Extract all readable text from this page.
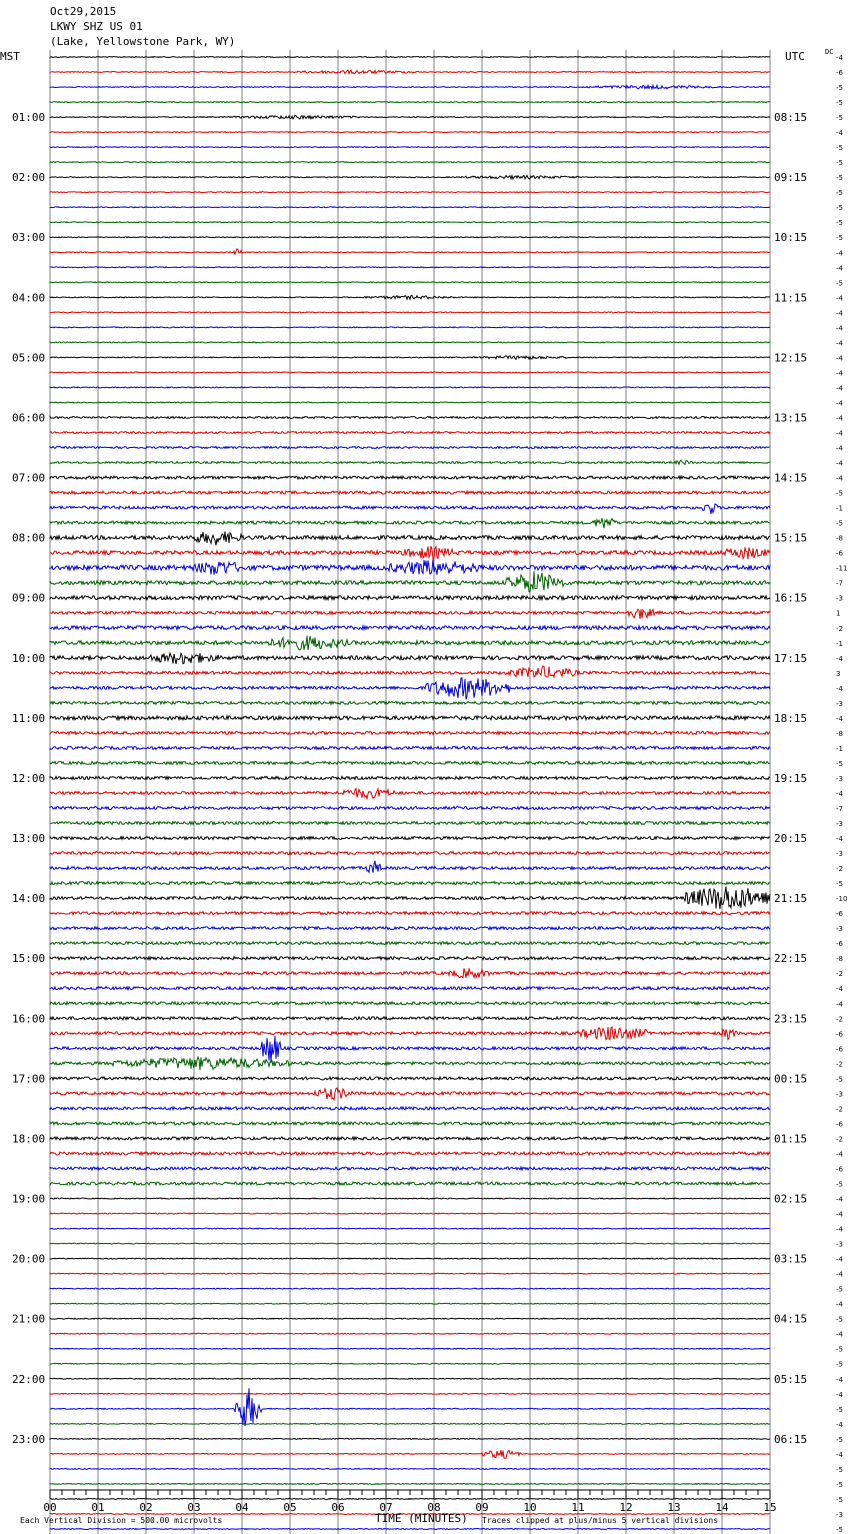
Oct29,2015
LKWY SHZ US 01
(Lake, Yellowstone Park, WY)
MST	UTC	DC
-4
-6
-5
-5
-5
-4
-5
-5
-5
-5
-5
-5
-5
-4
-4
-5
-4
-4
-4
-4
-4
-4
-4
-4
-4
-4
-4
-4
-4
-5
-1
-5
-8
-6
-11
-7
-3
1
-2
-1
-4
3
-4
-3
-4
-8
-1
-5
-3
-4
-7
-3
-4
-3
-2
-5
-10
-6
-3
-6
-8
-2
-4
-4
-2
-6
-6
-2
-5
-3
-2
-6
-2
-4
-6
-5
-4
-4
-4
-3
-4
-4
-5
-4
-5
-4
-5
-5
-4
-4
-5
-4
-5
-4
-5
-5
-5
-3
-5
01:00	08:15
02:00	09:15
03:00	10:15
04:00	11:15
05:00	12:15
06:00	13:15
07:00	14:15
08:00	15:15
09:00	16:15
10:00	17:15
11:00	18:15
12:00	19:15
13:00	20:15
14:00	21:15
15:00	22:15
16:00	23:15
17:00	00:15
18:00	01:15
19:00	02:15
20:00	03:15
21:00	04:15
22:00	05:15
23:00	06:15
00	01	02	03	04	05	06	07	08	09	10	11	12	13	14	15
TIME (MINUTES)
Each Vertical Division = 500.00 microvolts	Traces clipped at plus/minus 5 vertical divisions
